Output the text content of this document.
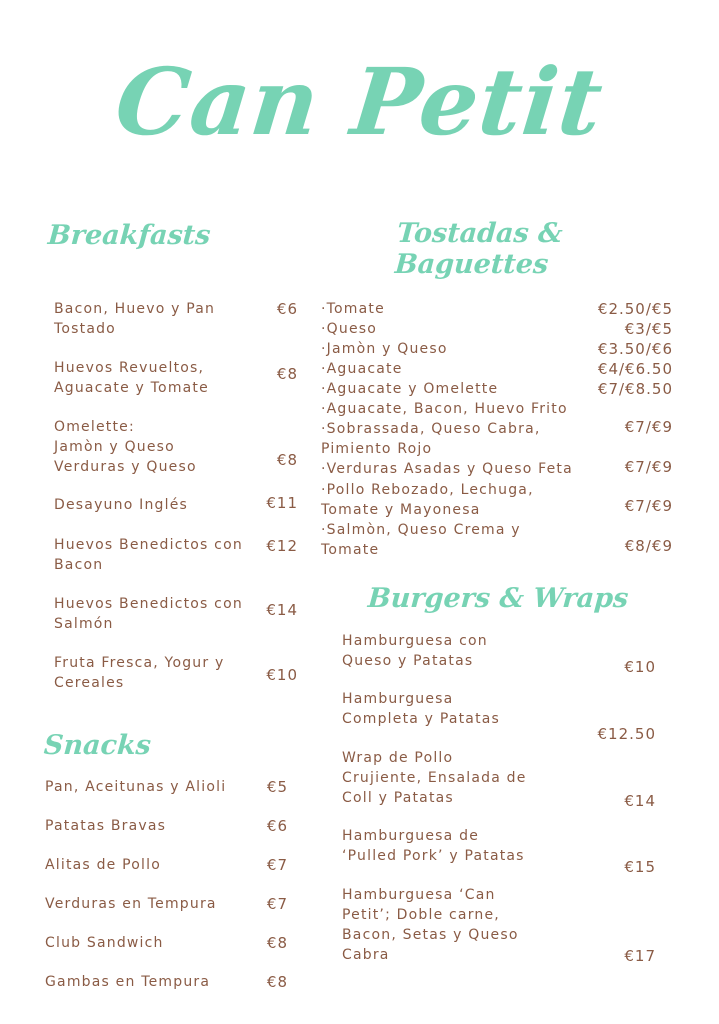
Can Petit
Breakfasts
Bacon, Huevo y Pan
Tostado
€6
Huevos Revueltos,
Aguacate y Tomate
€8
Omelette:
Jamòn y Queso
Verduras y Queso	€8
Desayuno Inglés	€11
Huevos Benedictos con
Bacon
€12
Huevos Benedictos con
Salmón
€14
Fruta Fresca, Yogur y
Cereales	€10
Snacks
Pan, Aceitunas y Alioli	€5
Patatas Bravas	€6
Alitas de Pollo	€7
Verduras en Tempura	€7
Club Sandwich	€8
Gambas en Tempura	€8
Tostadas & Baguettes
·Tomate	€2.50/€5
·Queso	€3/€5
·Jamòn y Queso	€3.50/€6
·Aguacate	€4/€6.50
·Aguacate y Omelette	€7/€8.50
·Aguacate, Bacon, Huevo Frito
·Sobrassada, Queso Cabra,
Pimiento Rojo
€7/€9
·Verduras Asadas y Queso Feta	€7/€9
·Pollo Rebozado, Lechuga,
Tomate y Mayonesa	€7/€9
·Salmòn, Queso Crema y
Tomate	€8/€9
Burgers & Wraps
Hamburguesa con
Queso y Patatas	€10
Hamburguesa
Completa y Patatas
€12.50
Wrap de Pollo
Crujiente, Ensalada de
Coll y Patatas	€14
Hamburguesa de
‘Pulled Pork’ y Patatas
€15
Hamburguesa ‘Can
Petit’; Doble carne,
Bacon, Setas y Queso
Cabra	€17
